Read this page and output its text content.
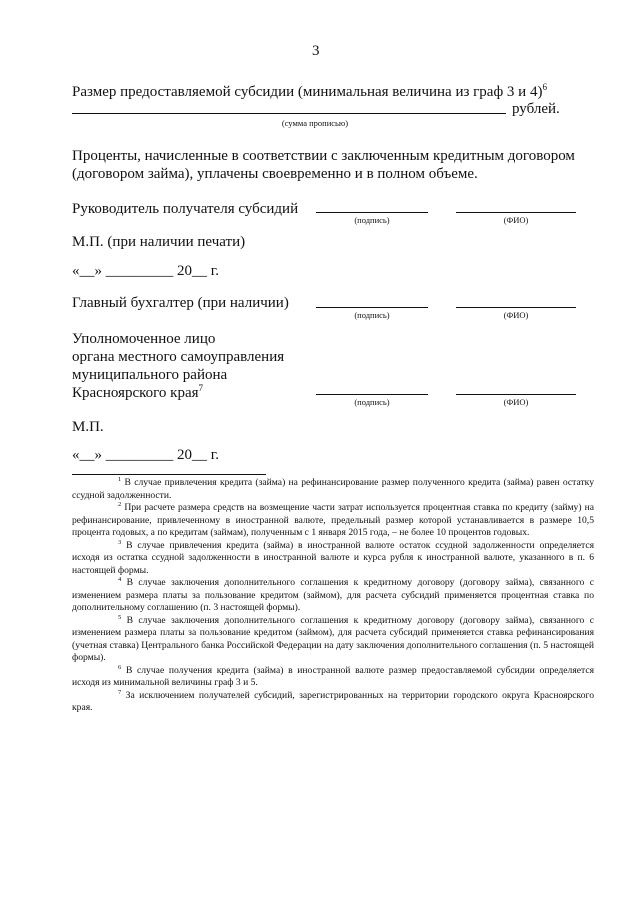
3
Размер предоставляемой субсидии (минимальная величина из граф 3 и 4)$^6$
рублей.
(сумма прописью)
Проценты, начисленные в соответствии с заключенным кредитным договором
(договором займа), уплачены своевременно и в полном объеме.
Руководитель получателя субсидий
(подпись)	(ФИО)
М.П. (при наличии печати)
«__» _________ 20__ г.
Главный бухгалтер (при наличии)
(подпись)	(ФИО)
Уполномоченное лицо
органа местного самоуправления
муниципального района
Красноярского края$^7$
(подпись)	(ФИО)
М.П.
«__» _________ 20__ г.

$^1$ В случае привлечения кредита (займа) на рефинансирование размер полученного кредита (займа) равен остатку ссудной задолженности.

$^2$ При расчете размера средств на возмещение части затрат используется процентная ставка по кредиту (займу) на рефинансирование, привлеченному в иностранной валюте, предельный размер которой устанавливается в размере 10,5 процента годовых, а по кредитам (займам), полученным с 1 января 2015 года, – не более 10 процентов годовых.

$^3$ В случае привлечения кредита (займа) в иностранной валюте остаток ссудной задолженности определяется исходя из остатка ссудной задолженности в иностранной валюте и курса рубля к иностранной валюте, указанного в п. 6 настоящей формы.

$^4$ В случае заключения дополнительного соглашения к кредитному договору (договору займа), связанного с изменением размера платы за пользование кредитом (займом), для расчета субсидий применяется процентная ставка по дополнительному соглашению (п. 3 настоящей формы).

$^5$ В случае заключения дополнительного соглашения к кредитному договору (договору займа), связанного с изменением размера платы за пользование кредитом (займом), для расчета субсидий применяется ставка рефинансирования (учетная ставка) Центрального банка Российской Федерации на дату заключения дополнительного соглашения (п. 5 настоящей формы).

$^6$ В случае получения кредита (займа) в иностранной валюте размер предоставляемой субсидии определяется исходя из минимальной величины граф 3 и 5.

$^7$ За исключением получателей субсидий, зарегистрированных на территории городского округа Красноярского края.
